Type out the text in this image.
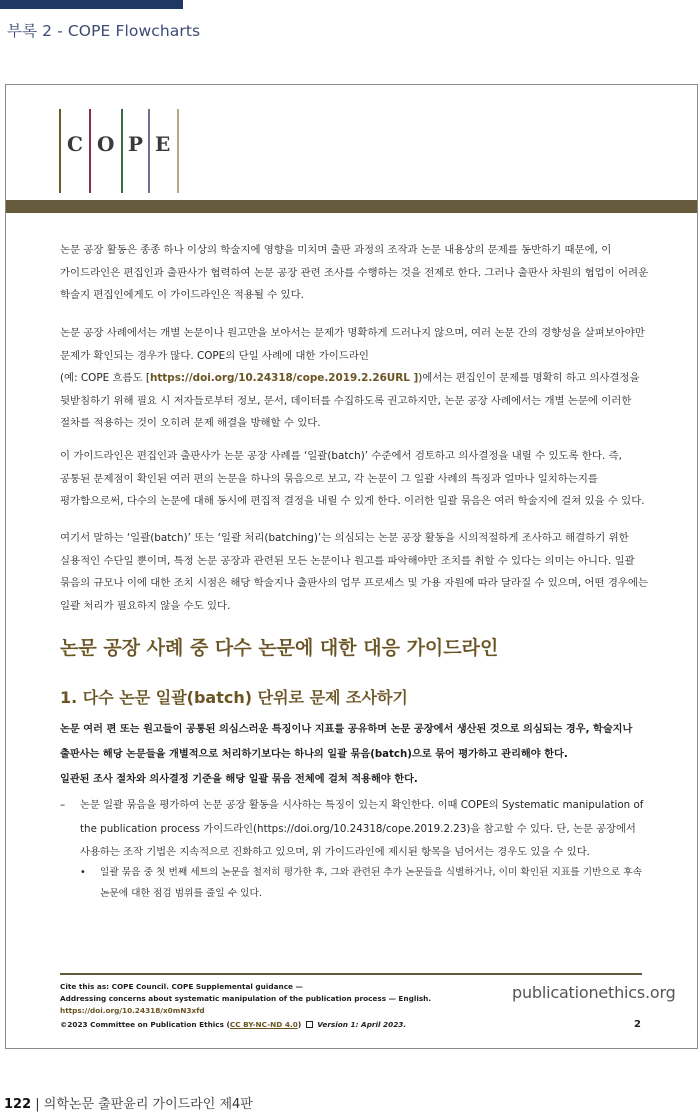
부록 2 - COPE Flowcharts
C O P E

논문 공장 활동은 종종 하나 이상의 학술지에 영향을 미치며 출판 과정의 조작과 논문 내용상의 문제를 동반하기 때문에, 이

가이드라인은 편집인과 출판사가 협력하여 논문 공장 관련 조사를 수행하는 것을 전제로 한다. 그러나 출판사 차원의 협업이 어려운

학술지 편집인에게도 이 가이드라인은 적용될 수 있다.

논문 공장 사례에서는 개별 논문이나 원고만을 보아서는 문제가 명확하게 드러나지 않으며, 여러 논문 간의 경향성을 살펴보아야만

문제가 확인되는 경우가 많다. COPE의 단일 사례에 대한 가이드라인

(예: COPE 흐름도 [https://doi.org/10.24318/cope.2019.2.26URL ])에서는 편집인이 문제를 명확히 하고 의사결정을

뒷받침하기 위해 필요 시 저자들로부터 정보, 문서, 데이터를 수집하도록 권고하지만, 논문 공장 사례에서는 개별 논문에 이러한

절차를 적용하는 것이 오히려 문제 해결을 방해할 수 있다.

이 가이드라인은 편집인과 출판사가 논문 공장 사례를 ‘일괄(batch)’ 수준에서 검토하고 의사결정을 내릴 수 있도록 한다. 즉,

공통된 문제점이 확인된 여러 편의 논문을 하나의 묶음으로 보고, 각 논문이 그 일괄 사례의 특징과 얼마나 일치하는지를

평가함으로써, 다수의 논문에 대해 동시에 편집적 결정을 내릴 수 있게 한다. 이러한 일괄 묶음은 여러 학술지에 걸쳐 있을 수 있다.

여기서 말하는 ‘일괄(batch)’ 또는 ‘일괄 처리(batching)’는 의심되는 논문 공장 활동을 시의적절하게 조사하고 해결하기 위한

실용적인 수단일 뿐이며, 특정 논문 공장과 관련된 모든 논문이나 원고를 파악해야만 조치를 취할 수 있다는 의미는 아니다. 일괄

묶음의 규모나 이에 대한 조치 시점은 해당 학술지나 출판사의 업무 프로세스 및 가용 자원에 따라 달라질 수 있으며, 어떤 경우에는

일괄 처리가 필요하지 않을 수도 있다.

논문 공장 사례 중 다수 논문에 대한 대응 가이드라인
1. 다수 논문 일괄(batch) 단위로 문제 조사하기

논문 여러 편 또는 원고들이 공통된 의심스러운 특징이나 지표를 공유하며 논문 공장에서 생산된 것으로 의심되는 경우, 학술지나

출판사는 해당 논문들을 개별적으로 처리하기보다는 하나의 일괄 묶음(batch)으로 묶어 평가하고 관리해야 한다.

일관된 조사 절차와 의사결정 기준을 해당 일괄 묶음 전체에 걸쳐 적용해야 한다.

– 논문 일괄 묶음을 평가하여 논문 공장 활동을 시사하는 특징이 있는지 확인한다. 이때 COPE의 Systematic manipulation of

the publication process 가이드라인(https://doi.org/10.24318/cope.2019.2.23)을 참고할 수 있다. 단, 논문 공장에서

사용하는 조작 기법은 지속적으로 진화하고 있으며, 위 가이드라인에 제시된 항목을 넘어서는 경우도 있을 수 있다.

• 일괄 묶음 중 첫 번째 세트의 논문을 철저히 평가한 후, 그와 관련된 추가 논문들을 식별하거나, 이미 확인된 지표를 기반으로 후속

논문에 대한 점검 범위를 줄일 수 있다.

Cite this as: COPE Council. COPE Supplemental guidance —

Addressing concerns about systematic manipulation of the publication process — English.

https://doi.org/10.24318/x0mN3xfd

publicationethics.org
©2023 Committee on Publication Ethics (CC BY-NC-ND 4.0) Version 1: April 2023.	2
122 | 의학논문 출판윤리 가이드라인 제4판
